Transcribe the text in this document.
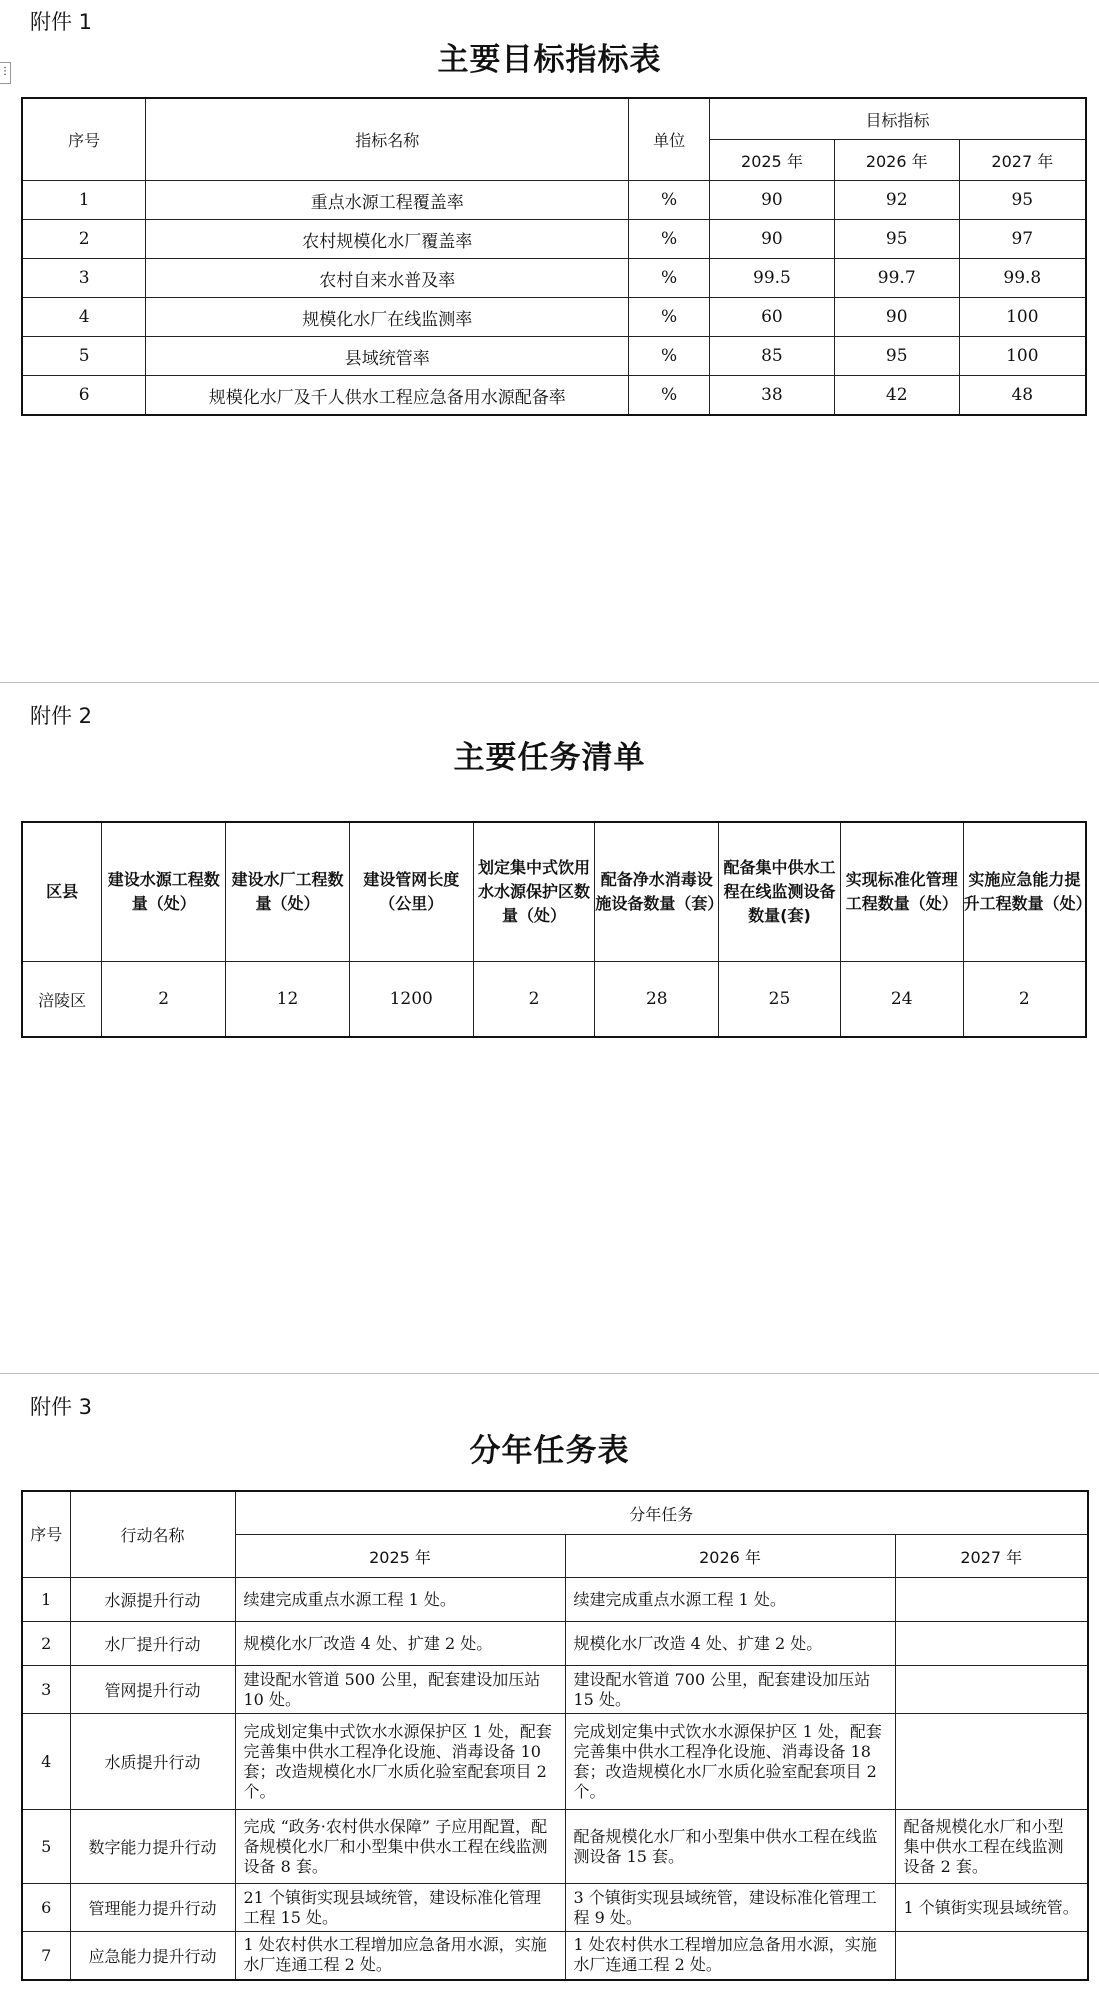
⋮
附件 1
主要目标指标表
序号	指标名称	单位	目标指标		
			2025 年	2026 年	2027 年
1	重点水源工程覆盖率	%	90	92	95
2	农村规模化水厂覆盖率	%	90	95	97
3	农村自来水普及率	%	99.5	99.7	99.8
4	规模化水厂在线监测率	%	60	90	100
5	县域统管率	%	85	95	100
6	规模化水厂及千人供水工程应急备用水源配备率	%	38	42	48
附件 2
主要任务清单
区县	建设水源工程数量（处）	建设水厂工程数量（处）	建设管网长度（公里）	划定集中式饮用水水源保护区数量（处）	配备净水消毒设施设备数量（套）	配备集中供水工程在线监测设备数量(套)	实现标准化管理工程数量（处）	实施应急能力提升工程数量（处）
涪陵区	2	12	1200	2	28	25	24	2
附件 3
分年任务表
序号	行动名称	分年任务		
		2025 年	2026 年	2027 年
1	水源提升行动	续建完成重点水源工程 1 处。	续建完成重点水源工程 1 处。	
2	水厂提升行动	规模化水厂改造 4 处、扩建 2 处。	规模化水厂改造 4 处、扩建 2 处。	
3	管网提升行动	建设配水管道 500 公里，配套建设加压站 10 处。	建设配水管道 700 公里，配套建设加压站 15 处。	
4	水质提升行动	完成划定集中式饮水水源保护区 1 处，配套完善集中供水工程净化设施、消毒设备 10 套；改造规模化水厂水质化验室配套项目 2 个。	完成划定集中式饮水水源保护区 1 处，配套完善集中供水工程净化设施、消毒设备 18 套；改造规模化水厂水质化验室配套项目 2 个。	
5	数字能力提升行动	完成 “政务·农村供水保障” 子应用配置，配备规模化水厂和小型集中供水工程在线监测设备 8 套。	配备规模化水厂和小型集中供水工程在线监测设备 15 套。	配备规模化水厂和小型集中供水工程在线监测设备 2 套。
6	管理能力提升行动	21 个镇街实现县域统管，建设标准化管理工程 15 处。	3 个镇街实现县域统管，建设标准化管理工程 9 处。	1 个镇街实现县域统管。
7	应急能力提升行动	1 处农村供水工程增加应急备用水源，实施水厂连通工程 2 处。	1 处农村供水工程增加应急备用水源，实施水厂连通工程 2 处。	
